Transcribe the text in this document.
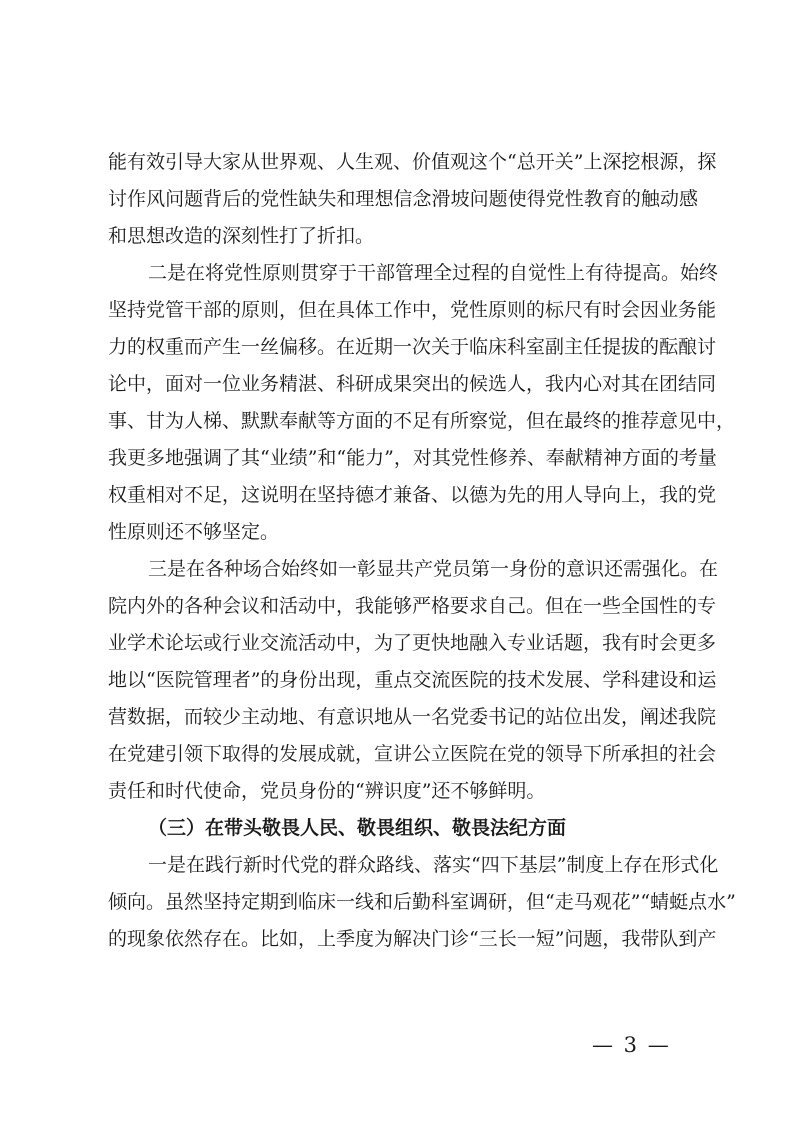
能有效引导大家从世界观、人生观、价值观这个“总开关”上深挖根源，探
讨作风问题背后的党性缺失和理想信念滑坡问题使得党性教育的触动感
和思想改造的深刻性打了折扣。
二是在将党性原则贯穿于干部管理全过程的自觉性上有待提高。始终
坚持党管干部的原则，但在具体工作中，党性原则的标尺有时会因业务能
力的权重而产生一丝偏移。在近期一次关于临床科室副主任提拔的酝酿讨
论中，面对一位业务精湛、科研成果突出的候选人，我内心对其在团结同
事、甘为人梯、默默奉献等方面的不足有所察觉，但在最终的推荐意见中，
我更多地强调了其“业绩”和“能力”，对其党性修养、奉献精神方面的考量
权重相对不足，这说明在坚持德才兼备、以德为先的用人导向上，我的党
性原则还不够坚定。
三是在各种场合始终如一彰显共产党员第一身份的意识还需强化。在
院内外的各种会议和活动中，我能够严格要求自己。但在一些全国性的专
业学术论坛或行业交流活动中，为了更快地融入专业话题，我有时会更多
地以“医院管理者”的身份出现，重点交流医院的技术发展、学科建设和运
营数据，而较少主动地、有意识地从一名党委书记的站位出发，阐述我院
在党建引领下取得的发展成就，宣讲公立医院在党的领导下所承担的社会
责任和时代使命，党员身份的“辨识度”还不够鲜明。
（三）在带头敬畏人民、敬畏组织、敬畏法纪方面
一是在践行新时代党的群众路线、落实“四下基层”制度上存在形式化
倾向。虽然坚持定期到临床一线和后勤科室调研，但“走马观花”“蜻蜓点水”
的现象依然存在。比如，上季度为解决门诊“三长一短”问题，我带队到产
— 3 —
